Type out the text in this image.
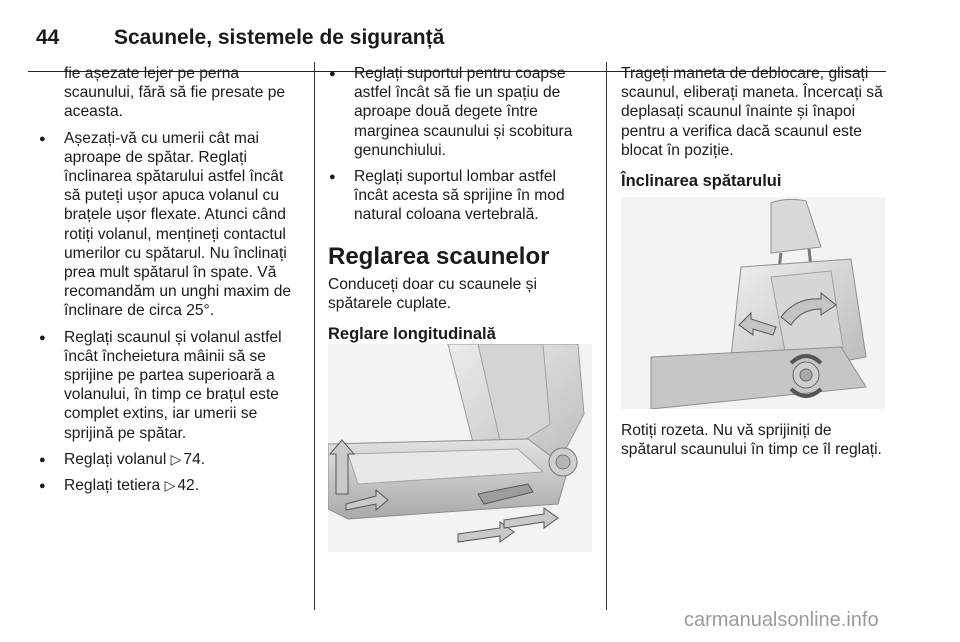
44	Scaunele, sistemele de siguranță
fie așezate lejer pe perna scaunului, fără să fie presate pe aceasta.
● Așezați-vă cu umerii cât mai aproape de spătar. Reglați înclinarea spătarului astfel încât să puteți ușor apuca volanul cu brațele ușor flexate. Atunci când rotiți volanul, mențineți contactul umerilor cu spătarul. Nu înclinați prea mult spătarul în spate. Vă recomandăm un unghi maxim de înclinare de circa 25°.
● Reglați scaunul și volanul astfel încât încheietura mâinii să se sprijine pe partea superioară a volanului, în timp ce brațul este complet extins, iar umerii se sprijină pe spătar.
● Reglați volanul ▷ 74.
● Reglați tetiera ▷ 42.
● Reglați suportul pentru coapse astfel încât să fie un spațiu de aproape două degete între marginea scaunului și scobitura genunchiului.
● Reglați suportul lombar astfel încât acesta să sprijine în mod natural coloana vertebrală.
Reglarea scaunelor

Conduceți doar cu scaunele și spătarele cuplate.

Reglare longitudinală

Trageți maneta de deblocare, glisați scaunul, eliberați maneta. Încercați să deplasați scaunul înainte și înapoi pentru a verifica dacă scaunul este blocat în poziție.

Înclinarea spătarului

Rotiți rozeta. Nu vă sprijiniți de spătarul scaunului în timp ce îl reglați.

carmanualsonline.info
